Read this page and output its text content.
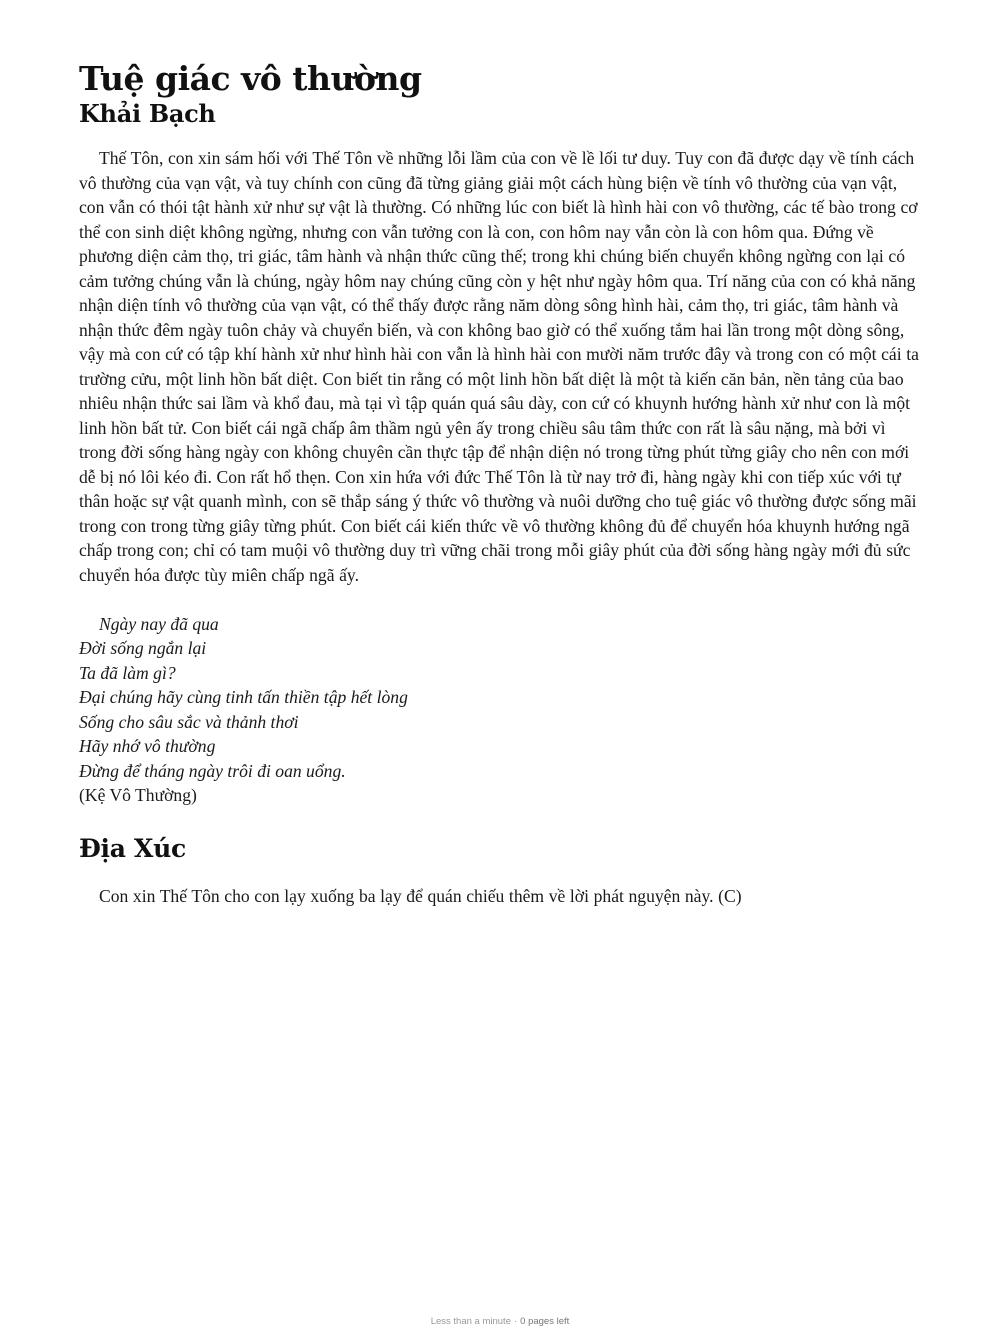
Tuệ giác vô thường
Khải Bạch

Thế Tôn, con xin sám hối với Thế Tôn về những lỗi lầm của con về lề lối tư duy. Tuy con đã được dạy về tính cách vô thường của vạn vật, và tuy chính con cũng đã từng giảng giải một cách hùng biện về tính vô thường của vạn vật, con vẫn có thói tật hành xử như sự vật là thường. Có những lúc con biết là hình hài con vô thường, các tế bào trong cơ thể con sinh diệt không ngừng, nhưng con vẫn tưởng con là con, con hôm nay vẫn còn là con hôm qua. Đứng về phương diện cảm thọ, tri giác, tâm hành và nhận thức cũng thế; trong khi chúng biến chuyển không ngừng con lại có cảm tưởng chúng vẫn là chúng, ngày hôm nay chúng cũng còn y hệt như ngày hôm qua. Trí năng của con có khả năng nhận diện tính vô thường của vạn vật, có thể thấy được rằng năm dòng sông hình hài, cảm thọ, tri giác, tâm hành và nhận thức đêm ngày tuôn chảy và chuyển biến, và con không bao giờ có thể xuống tắm hai lần trong một dòng sông, vậy mà con cứ có tập khí hành xử như hình hài con vẫn là hình hài con mười năm trước đây và trong con có một cái ta trường cửu, một linh hồn bất diệt. Con biết tin rằng có một linh hồn bất diệt là một tà kiến căn bản, nền tảng của bao nhiêu nhận thức sai lầm và khổ đau, mà tại vì tập quán quá sâu dày, con cứ có khuynh hướng hành xử như con là một linh hồn bất tử. Con biết cái ngã chấp âm thầm ngủ yên ấy trong chiều sâu tâm thức con rất là sâu nặng, mà bởi vì trong đời sống hàng ngày con không chuyên cần thực tập để nhận diện nó trong từng phút từng giây cho nên con mới dễ bị nó lôi kéo đi. Con rất hổ thẹn. Con xin hứa với đức Thế Tôn là từ nay trở đi, hàng ngày khi con tiếp xúc với tự thân hoặc sự vật quanh mình, con sẽ thắp sáng ý thức vô thường và nuôi dưỡng cho tuệ giác vô thường được sống mãi trong con trong từng giây từng phút. Con biết cái kiến thức về vô thường không đủ để chuyển hóa khuynh hướng ngã chấp trong con; chỉ có tam muội vô thường duy trì vững chãi trong mỗi giây phút của đời sống hàng ngày mới đủ sức chuyển hóa được tùy miên chấp ngã ấy.

Ngày nay đã qua
Đời sống ngắn lại
Ta đã làm gì?
Đại chúng hãy cùng tinh tấn thiền tập hết lòng
Sống cho sâu sắc và thảnh thơi
Hãy nhớ vô thường
Đừng để tháng ngày trôi đi oan uổng.
(Kệ Vô Thường)
Địa Xúc

Con xin Thế Tôn cho con lạy xuống ba lạy để quán chiếu thêm về lời phát nguyện này. (C)

Less than a minute · 0 pages left
